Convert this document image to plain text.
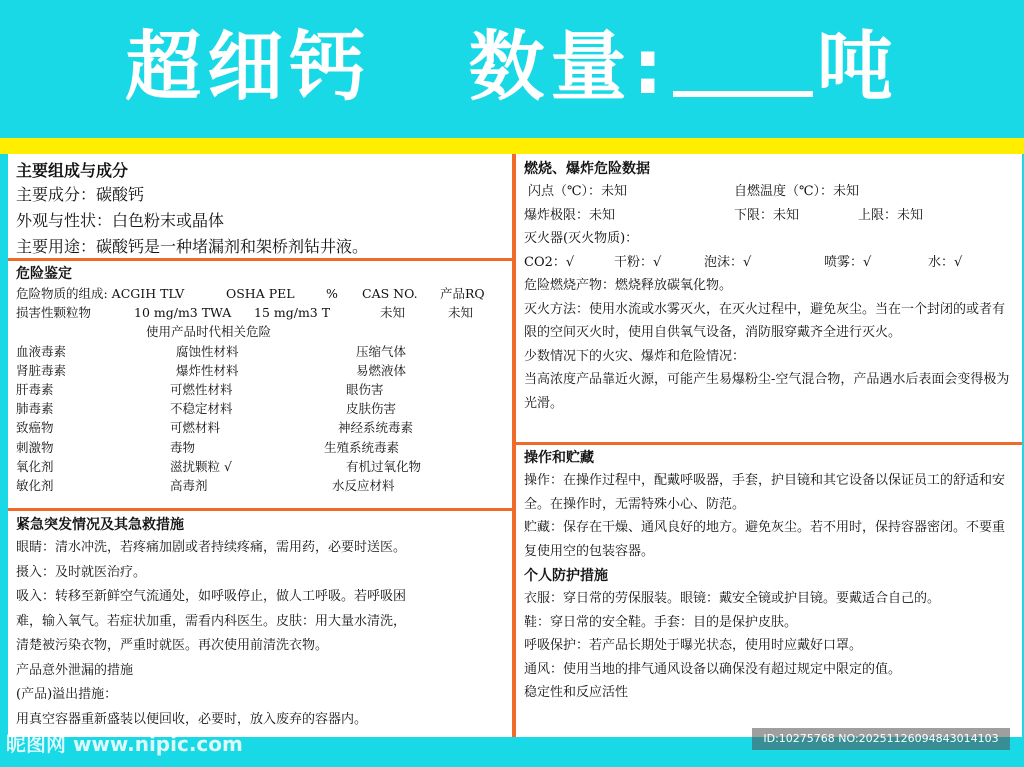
超细钙 数量: 吨
主要组成与成分
主要成分：碳酸钙
外观与性状：白色粉末或晶体
主要用途：碳酸钙是一种堵漏剂和架桥剂钻井液。
危险鉴定
危险物质的组成: ACGIH TLV	OSHA PEL	% CAS NO. 产品RQ
损害性颗粒物	10 mg/m3 TWA 15 mg/m3 T	未知	未知
使用产品时代相关危险
血液毒素	腐蚀性材料	压缩气体
肾脏毒素	爆炸性材料	易燃液体
肝毒素	可燃性材料	眼伤害
肺毒素	不稳定材料	皮肤伤害
致癌物	可燃材料	神经系统毒素
刺激物	毒物	生殖系统毒素
氧化剂	滋扰颗粒 √	有机过氧化物
敏化剂	高毒剂	水反应材料
紧急突发情况及其急救措施
眼睛：清水冲洗，若疼痛加剧或者持续疼痛，需用药，必要时送医。
摄入：及时就医治疗。
吸入：转移至新鲜空气流通处，如呼吸停止，做人工呼吸。若呼吸困
难，输入氧气。若症状加重，需看内科医生。皮肤：用大量水清洗，
清楚被污染衣物，严重时就医。再次使用前清洗衣物。
产品意外泄漏的措施
(产品)溢出措施：
用真空容器重新盛装以便回收，必要时，放入废弃的容器内。
燃烧、爆炸危险数据
闪点（℃）：未知	自燃温度（℃）：未知
爆炸极限：未知	下限：未知	上限：未知
灭火器(灭火物质)：
CO2：√	干粉：√	泡沫：√	喷雾：√	水：√
危险燃烧产物：燃烧释放碳氧化物。
灭火方法：使用水流或水雾灭火，在灭火过程中，避免灰尘。当在一个封闭的或者有限的空间灭火时，使用自供氧气设备，消防服穿戴齐全进行灭火。
少数情况下的火灾、爆炸和危险情况：
当高浓度产品靠近火源，可能产生易爆粉尘-空气混合物，产品遇水后表面会变得极为光滑。
操作和贮藏
操作：在操作过程中，配戴呼吸器，手套，护目镜和其它设备以保证员工的舒适和安全。在操作时，无需特殊小心、防范。
贮藏：保存在干燥、通风良好的地方。避免灰尘。若不用时，保持容器密闭。不要重复使用空的包装容器。
个人防护措施
衣服：穿日常的劳保服装。眼镜：戴安全镜或护目镜。要戴适合自己的。
鞋：穿日常的安全鞋。手套：目的是保护皮肤。
呼吸保护：若产品长期处于曝光状态，使用时应戴好口罩。
通风：使用当地的排气通风设备以确保没有超过规定中限定的值。
稳定性和反应活性
昵图网 www.nipic.com	ID:10275768 NO:20251126094843014103
